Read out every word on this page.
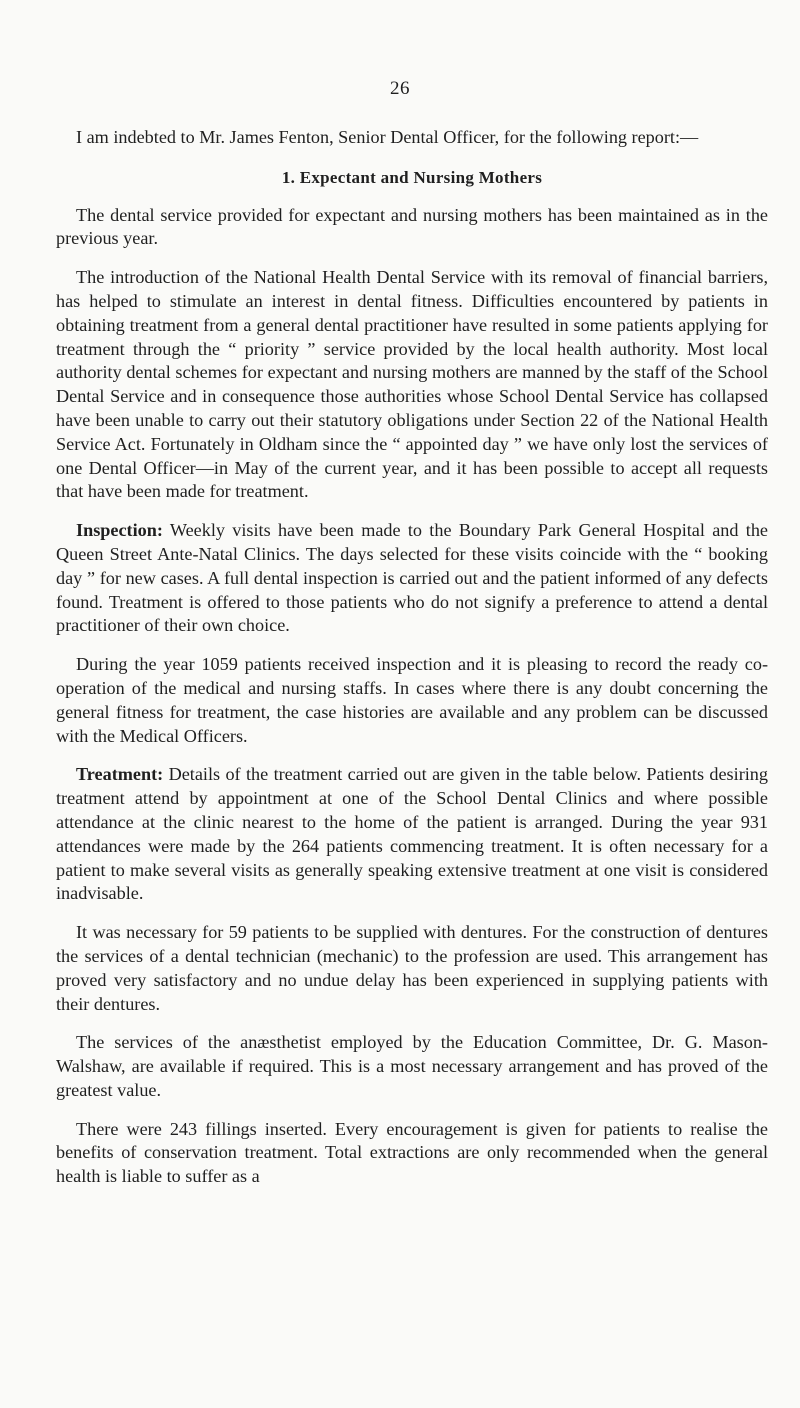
26

I am indebted to Mr. James Fenton, Senior Dental Officer, for the following report:—

1. Expectant and Nursing Mothers

The dental service provided for expectant and nursing mothers has been maintained as in the previous year.

The introduction of the National Health Dental Service with its removal of financial barriers, has helped to stimulate an interest in dental fitness. Difficulties encountered by patients in obtaining treatment from a general dental practitioner have resulted in some patients applying for treatment through the “ priority ” service provided by the local health authority. Most local authority dental schemes for expectant and nursing mothers are manned by the staff of the School Dental Service and in consequence those authorities whose School Dental Service has collapsed have been unable to carry out their statutory obligations under Section 22 of the National Health Service Act. Fortunately in Oldham since the “ appointed day ” we have only lost the services of one Dental Officer—in May of the current year, and it has been possible to accept all requests that have been made for treatment.

Inspection: Weekly visits have been made to the Boundary Park General Hospital and the Queen Street Ante-Natal Clinics. The days selected for these visits coincide with the “ booking day ” for new cases. A full dental inspection is carried out and the patient informed of any defects found. Treatment is offered to those patients who do not signify a preference to attend a dental practitioner of their own choice.

During the year 1059 patients received inspection and it is pleasing to record the ready co-operation of the medical and nursing staffs. In cases where there is any doubt concerning the general fitness for treatment, the case histories are available and any problem can be discussed with the Medical Officers.

Treatment: Details of the treatment carried out are given in the table below. Patients desiring treatment attend by appointment at one of the School Dental Clinics and where possible attendance at the clinic nearest to the home of the patient is arranged. During the year 931 attendances were made by the 264 patients commencing treatment. It is often necessary for a patient to make several visits as generally speaking extensive treatment at one visit is considered inadvisable.

It was necessary for 59 patients to be supplied with dentures. For the construction of dentures the services of a dental technician (mechanic) to the profession are used. This arrangement has proved very satisfactory and no undue delay has been experienced in supplying patients with their dentures.

The services of the anæsthetist employed by the Education Committee, Dr. G. Mason-Walshaw, are available if required. This is a most necessary arrangement and has proved of the greatest value.

There were 243 fillings inserted. Every encouragement is given for patients to realise the benefits of conservation treatment. Total extractions are only recommended when the general health is liable to suffer as a
